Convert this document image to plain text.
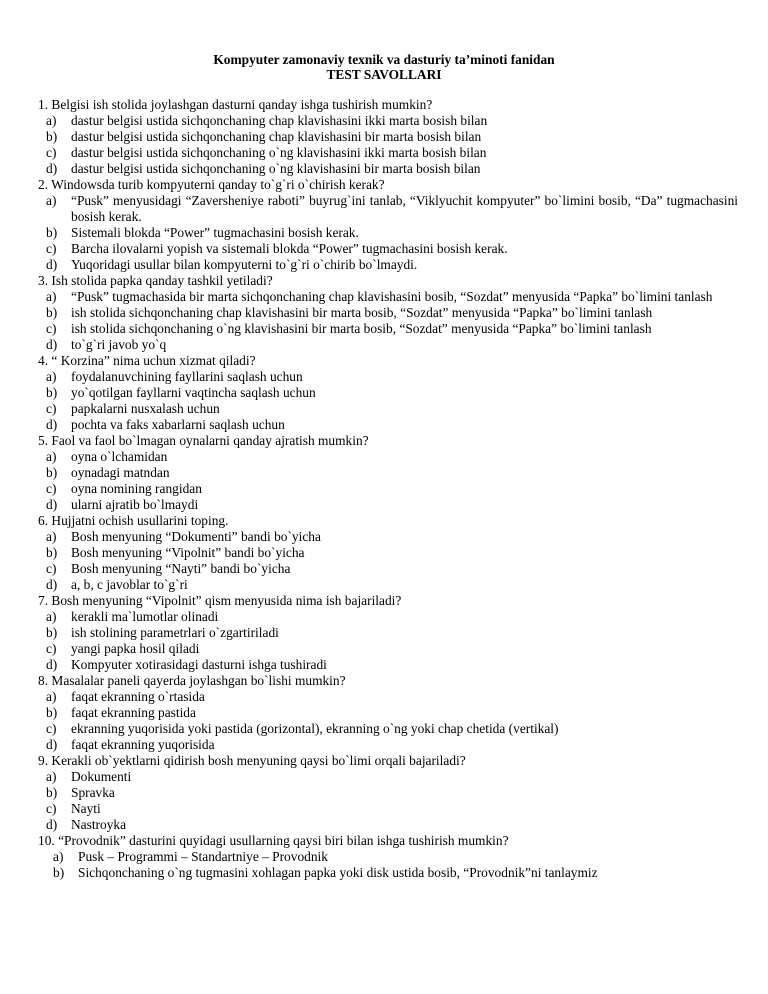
Kompyuter zamonaviy texnik va dasturiy ta’minoti fanidan
TEST SAVOLLARI

1. Belgisi ish stolida joylashgan dasturni qanday ishga tushirish mumkin?

a)	dastur belgisi ustida sichqonchaning chap klavishasini ikki marta bosish bilan
b)	dastur belgisi ustida sichqonchaning chap klavishasini bir marta bosish bilan
c)	dastur belgisi ustida sichqonchaning o`ng klavishasini ikki marta bosish bilan
d)	dastur belgisi ustida sichqonchaning o`ng klavishasini bir marta bosish bilan

2. Windowsda turib kompyuterni qanday to`g`ri o`chirish kerak?

a)	“Pusk” menyusidagi “Zaversheniye raboti” buyrug`ini tanlab, “Viklyuchit kompyuter” bo`limini bosib, “Da” tugmachasini bosish kerak.
b)	Sistemali blokda “Power” tugmachasini bosish kerak.
c)	Barcha ilovalarni yopish va sistemali blokda “Power” tugmachasini bosish kerak.
d)	Yuqoridagi usullar bilan kompyuterni to`g`ri o`chirib bo`lmaydi.

3. Ish stolida papka qanday tashkil yetiladi?

a)	“Pusk” tugmachasida bir marta sichqonchaning chap klavishasini bosib, “Sozdat” menyusida “Papka” bo`limini tanlash
b)	ish stolida sichqonchaning chap klavishasini bir marta bosib, “Sozdat” menyusida “Papka” bo`limini tanlash
c)	ish stolida sichqonchaning o`ng klavishasini bir marta bosib, “Sozdat” menyusida “Papka” bo`limini tanlash
d)	to`g`ri javob yo`q

4. “ Korzina” nima uchun xizmat qiladi?

a)	foydalanuvchining fayllarini saqlash uchun
b)	yo`qotilgan fayllarni vaqtincha saqlash uchun
c)	papkalarni nusxalash uchun
d)	pochta va faks xabarlarni saqlash uchun

5. Faol va faol bo`lmagan oynalarni qanday ajratish mumkin?

a)	oyna o`lchamidan
b)	oynadagi matndan
c)	oyna nomining rangidan
d)	ularni ajratib bo`lmaydi

6. Hujjatni ochish usullarini toping.

a)	Bosh menyuning “Dokumenti” bandi bo`yicha
b)	Bosh menyuning “Vipolnit” bandi bo`yicha
c)	Bosh menyuning “Nayti” bandi bo`yicha
d)	a, b, c javoblar to`g`ri

7. Bosh menyuning “Vipolnit” qism menyusida nima ish bajariladi?

a)	kerakli ma`lumotlar olinadi
b)	ish stolining parametrlari o`zgartiriladi
c)	yangi papka hosil qiladi
d)	Kompyuter xotirasidagi dasturni ishga tushiradi

8. Masalalar paneli qayerda joylashgan bo`lishi mumkin?

a)	faqat ekranning o`rtasida
b)	faqat ekranning pastida
c)	ekranning yuqorisida yoki pastida (gorizontal), ekranning o`ng yoki chap chetida (vertikal)
d)	faqat ekranning yuqorisida

9. Kerakli ob`yektlarni qidirish bosh menyuning qaysi bo`limi orqali bajariladi?

a)	Dokumenti
b)	Spravka
c)	Nayti
d)	Nastroyka

10. “Provodnik” dasturini quyidagi usullarning qaysi biri bilan ishga tushirish mumkin?

a)	Pusk – Programmi – Standartniye – Provodnik
b)	Sichqonchaning o`ng tugmasini xohlagan papka yoki disk ustida bosib, “Provodnik”ni tanlaymiz
